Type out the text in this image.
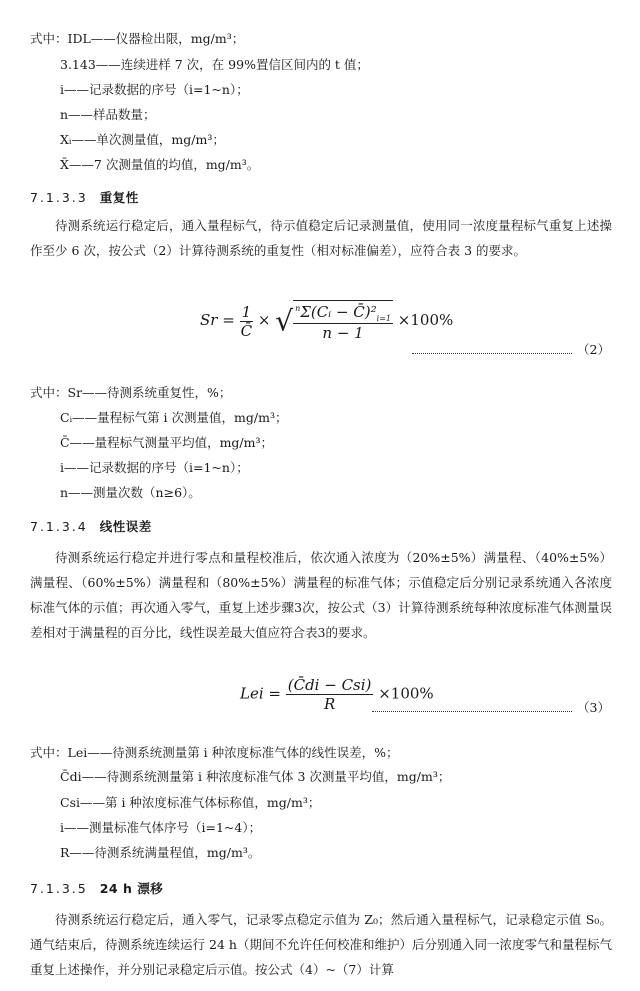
式中：IDL——仪器检出限，mg/m³；
3.143——连续进样 7 次，在 99%置信区间内的 t 值；
i——记录数据的序号（i=1~n）；
n——样品数量；
Xᵢ——单次测量值，mg/m³；
X̄——7 次测量值的均值，mg/m³。
7.1.3.3 重复性
待测系统运行稳定后，通入量程标气，待示值稳定后记录测量值，使用同一浓度量程标气重复上述操作至少 6 次，按公式（2）计算待测系统的重复性（相对标准偏差），应符合表 3 的要求。
$Sr = \frac{1}{C̄}$ × √ $\frac{^n\Sigma(Cᵢ - C̄)^2_{i=1}}{n - 1} \times 100\%$
（2）
式中：Sr——待测系统重复性，%；
Cᵢ——量程标气第 i 次测量值，mg/m³；
C̄——量程标气测量平均值，mg/m³；
i——记录数据的序号（i=1~n）；
n——测量次数（n≥6）。
7.1.3.4 线性误差
待测系统运行稳定并进行零点和量程校准后，依次通入浓度为（20%±5%）满量程、（40%±5%）满量程、（60%±5%）满量程和（80%±5%）满量程的标准气体；示值稳定后分别记录系统通入各浓度标准气体的示值；再次通入零气，重复上述步骤3次，按公式（3）计算待测系统每种浓度标准气体测量误差相对于满量程的百分比，线性误差最大值应符合表3的要求。
Lei = $\frac{\text{(C̄di − Csi)}}{R} \times 100\%$
（3）
式中：Lei——待测系统测量第 i 种浓度标准气体的线性误差，%；
C̄di——待测系统测量第 i 种浓度标准气体 3 次测量平均值，mg/m³；
Csi——第 i 种浓度标准气体标称值，mg/m³；
i——测量标准气体序号（i=1~4）；
R——待测系统满量程值，mg/m³。
7.1.3.5 24 h 漂移
待测系统运行稳定后，通入零气，记录零点稳定示值为 Z₀；然后通入量程标气，记录稳定示值 S₀。通气结束后，待测系统连续运行 24 h（期间不允许任何校准和维护）后分别通入同一浓度零气和量程标气重复上述操作，并分别记录稳定后示值。按公式（4）~（7）计算
